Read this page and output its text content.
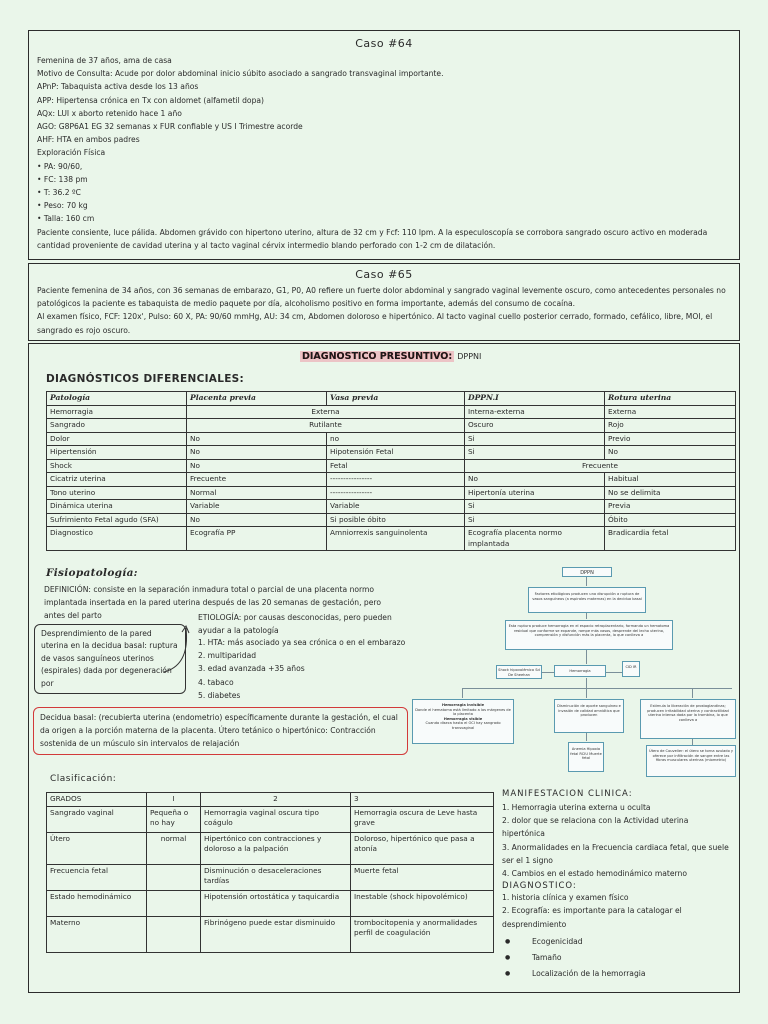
Caso #64
Femenina de 37 años, ama de casa
Motivo de Consulta: Acude por dolor abdominal inicio súbito asociado a sangrado transvaginal importante.
APnP: Tabaquista activa desde los 13 años
APP: Hipertensa crónica en Tx con aldomet (alfametil dopa)
AQx: LUI x aborto retenido hace 1 año
AGO: G8P6A1 EG 32 semanas x FUR confiable y US I Trimestre acorde
AHF: HTA en ambos padres
Exploración Física
• PA: 90/60,
• FC: 138 pm
• T: 36.2 ºC
• Peso: 70 kg
• Talla: 160 cm
Paciente consiente, luce pálida. Abdomen grávido con hipertono uterino, altura de 32 cm y Fcf: 110 lpm. A la especuloscopía se corrobora sangrado oscuro activo en moderada cantidad proveniente de cavidad uterina y al tacto vaginal cérvix intermedio blando perforado con 1-2 cm de dilatación.
Caso #65
Paciente femenina de 34 años, con 36 semanas de embarazo, G1, P0, A0 refiere un fuerte dolor abdominal y sangrado vaginal levemente oscuro, como antecedentes personales no patológicos la paciente es tabaquista de medio paquete por día, alcoholismo positivo en forma importante, además del consumo de cocaína.
Al examen físico, FCF: 120x', Pulso: 60 X, PA: 90/60 mmHg, AU: 34 cm, Abdomen doloroso e hipertónico. Al tacto vaginal cuello posterior cerrado, formado, cefálico, libre, MOI, el sangrado es rojo oscuro.
DIAGNOSTICO PRESUNTIVO: DPPNI
DIAGNÓSTICOS DIFERENCIALES:
Patología	Placenta previa	Vasa previa	DPPN.I	Rotura uterina
Hemorragia	Externa		Interna-externa	Externa
Sangrado	Rutilante		Oscuro	Rojo
Dolor	No	no	Si	Previo
Hipertensión	No	Hipotensión Fetal	Si	No
Shock	No	Fetal	Frecuente	
Cicatriz uterina	Frecuente	----------------	No	Habitual
Tono uterino	Normal	----------------	Hipertonía uterina	No se delimita
Dinámica uterina	Variable	Variable	Si	Previa
Sufrimiento Fetal agudo (SFA)	No	Si posible óbito	Si	Óbito
Diagnostico	Ecografía PP	Amniorrexis sanguinolenta	Ecografía placenta normo implantada	Bradicardia fetal
Fisiopatología:
DEFINICIÓN: consiste en la separación inmadura total o parcial de una placenta normo implantada insertada en la pared uterina después de las 20 semanas de gestación, pero antes del parto	ETIOLOGÍA: por causas desconocidas, pero pueden ayudar a la patología
1. HTA: más asociado ya sea crónica o en el embarazo
2. multiparidad
3. edad avanzada +35 años
4. tabaco
5. diabetes
Desprendimiento de la pared uterina en la decidua basal: ruptura de vasos sanguíneos uterinos (espirales) dada por degeneración por
Decidua basal: (recubierta uterina (endometrio) específicamente durante la gestación, el cual da origen a la porción materna de la placenta. Útero tetánico o hipertónico: Contracción sostenida de un músculo sin intervalos de relajación
DPPN
Factores etiológicos producen una disrupción a ruptura de vasos sanguíneos (a espirales maternas) en la decidua basal
Esta ruptura produce hemorragia en el espacio retroplacentario, formando un hematoma residual que conforme se expande, rompe más vasos, desprende del lecho uterino, comprensión y disfunción más la placenta, lo que conlleva a
Shock hipovolémico Sd De Sheehan
Hemorragia
CID IR
Hemorragia invisible
Donde el hematoma está limitado a los márgenes de la placenta
Hemorragia visible
Cuando diseca hasta el OCI hay sangrado transvaginal
Disminución de aporte sanguíneo e invasión de calidad amniótica que producen
Anemia Hipoxia fetal RCIU Muerte fetal
Estimula la liberación de prostaglandinas; producen irritabilidad uterina y contractilidad uterina intensa dada por la trombina, lo que conlleva a
Útero de Couvelier: el útero se torna azulado y oferece por infiltración de sangre entre las fibras musculares uterinas (miometrio)
Clasificación:
GRADOS	I	2	3
Sangrado vaginal	Pequeña o no hay	Hemorragia vaginal oscura tipo coágulo	Hemorragia oscura de Leve hasta grave
Útero	normal	Hipertónico con contracciones y doloroso a la palpación	Doloroso, hipertónico que pasa a atonía
Frecuencia fetal		Disminución o desaceleraciones tardías	Muerte fetal
Estado hemodinámico		Hipotensión ortostática y taquicardia	Inestable (shock hipovolémico)
Materno		Fibrinógeno puede estar disminuido	trombocitopenia y anormalidades perfil de coagulación
MANIFESTACION CLINICA:
1. Hemorragia uterina externa u oculta
2. dolor que se relaciona con la Actividad uterina hipertónica
3. Anormalidades en la Frecuencia cardiaca fetal, que suele ser el 1 signo
4. Cambios en el estado hemodinámico materno
DIAGNOSTICO:
1. historia clínica y examen físico
2. Ecografía: es importante para la catalogar el desprendimiento
● Ecogenicidad
● Tamaño
● Localización de la hemorragia
